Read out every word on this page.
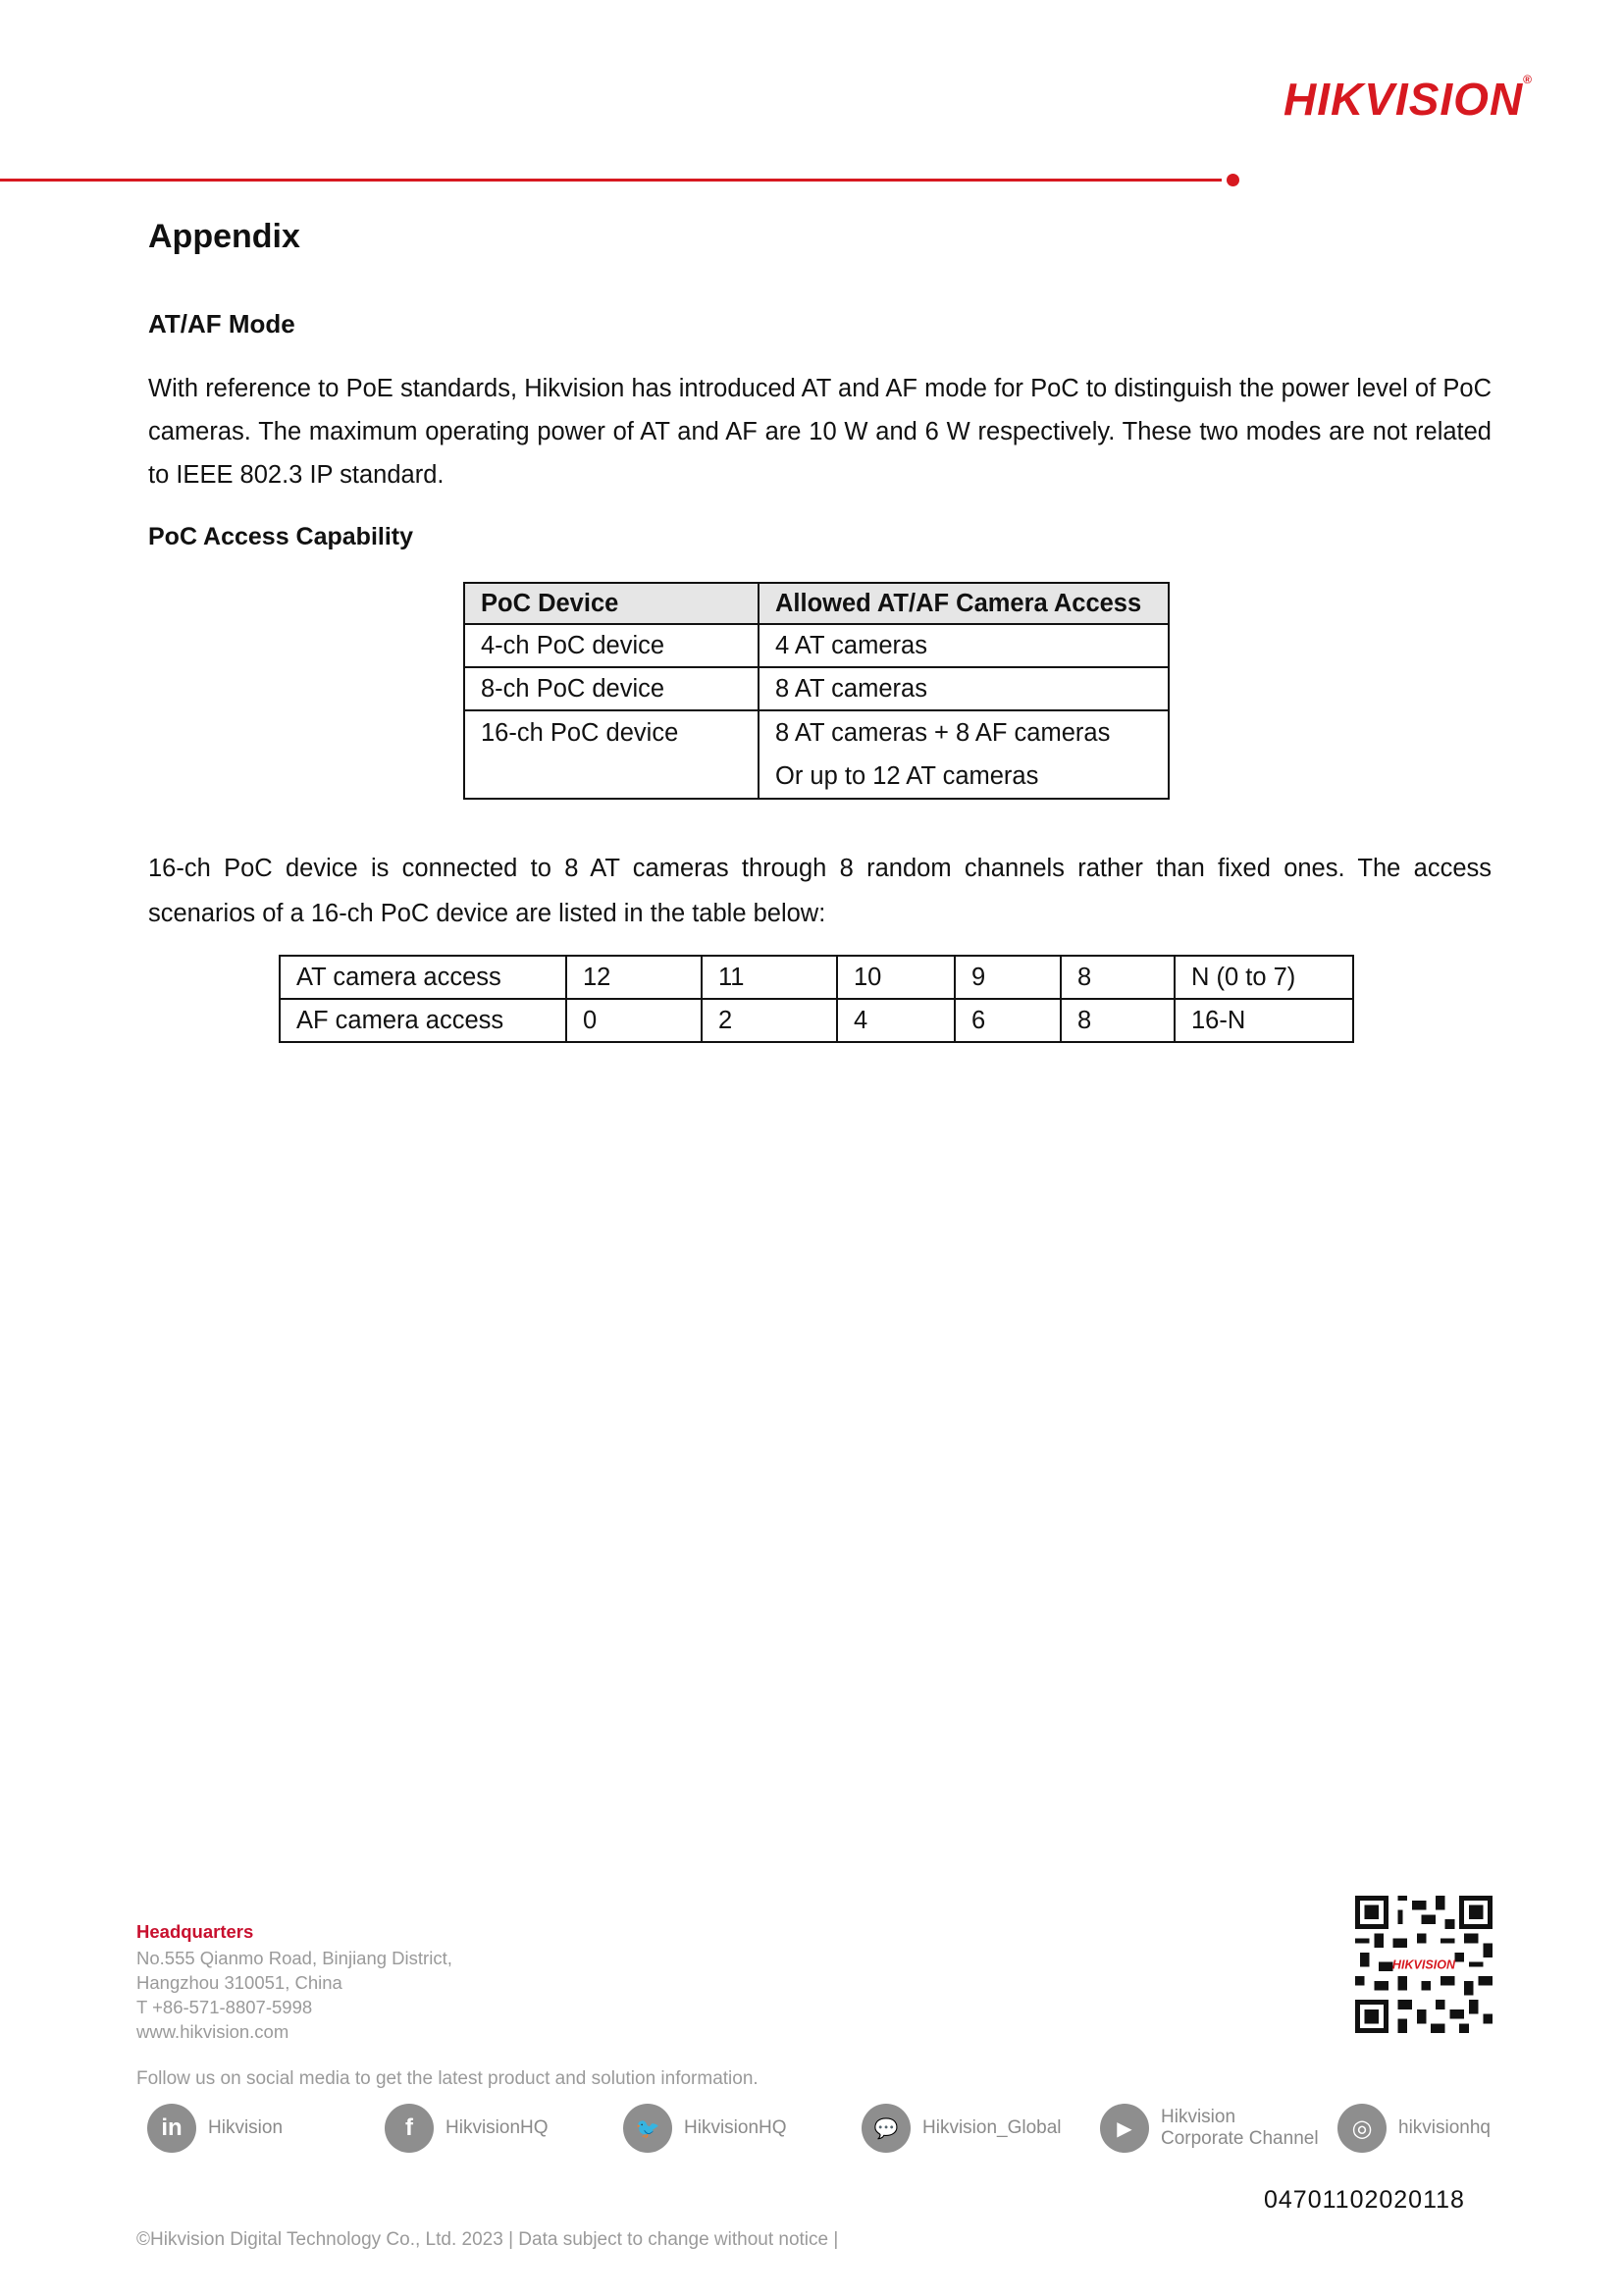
HIKVISION®
Appendix
AT/AF Mode
With reference to PoE standards, Hikvision has introduced AT and AF mode for PoC to distinguish the power level of PoC cameras. The maximum operating power of AT and AF are 10 W and 6 W respectively. These two modes are not related to IEEE 802.3 IP standard.
PoC Access Capability
PoC Device	Allowed AT/AF Camera Access
4-ch PoC device	4 AT cameras
8-ch PoC device	8 AT cameras
16-ch PoC device	8 AT cameras + 8 AF cameras
Or up to 12 AT cameras
16-ch PoC device is connected to 8 AT cameras through 8 random channels rather than fixed ones. The access scenarios of a 16-ch PoC device are listed in the table below:
AT camera access	12	11	10	9	8	N (0 to 7)
AF camera access	0	2	4	6	8	16-N
Headquarters
No.555 Qianmo Road, Binjiang District,
Hangzhou 310051, China
T +86-571-8807-5998
www.hikvision.com
HIKVISION
Follow us on social media to get the latest product and solution information.
in	Hikvision	f	HikvisionHQ	🐦	HikvisionHQ	💬	Hikvision_Global	▶
Hikvision
Corporate Channel	◎	hikvisionhq
04701102020118
©Hikvision Digital Technology Co., Ltd. 2023 | Data subject to change without notice |
